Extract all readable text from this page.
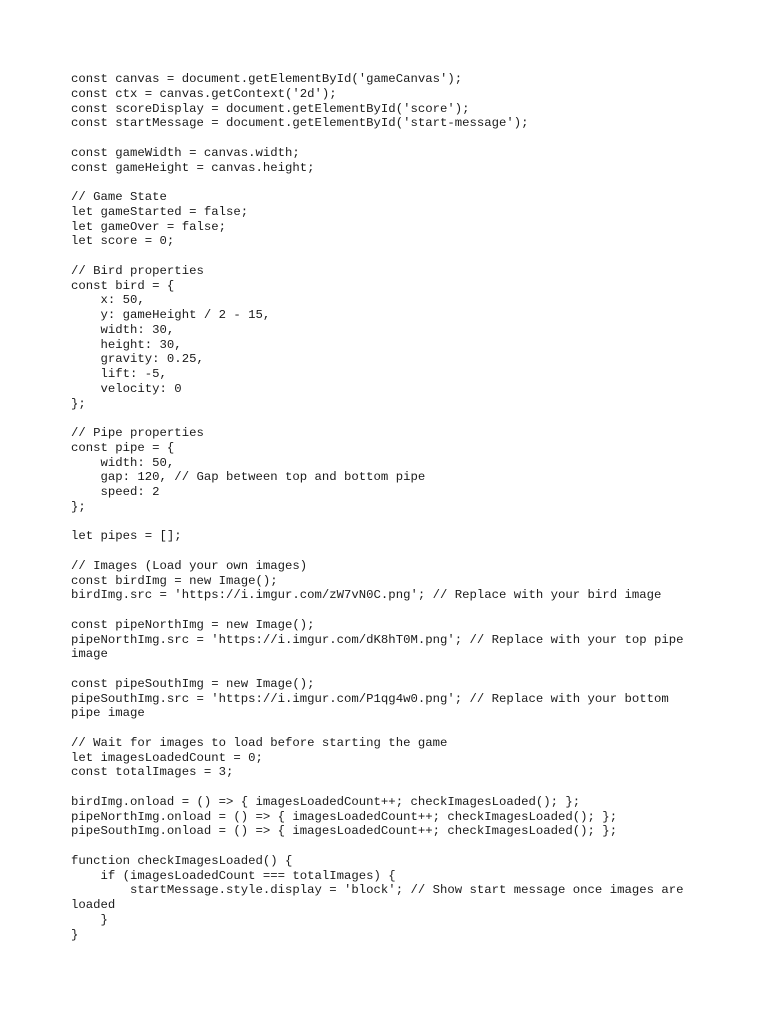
const canvas = document.getElementById('gameCanvas');
const ctx = canvas.getContext('2d');
const scoreDisplay = document.getElementById('score');
const startMessage = document.getElementById('start-message');
const gameWidth = canvas.width;
const gameHeight = canvas.height;
// Game State
let gameStarted = false;
let gameOver = false;
let score = 0;
// Bird properties
const bird = {
x: 50,
y: gameHeight / 2 - 15,
width: 30,
height: 30,
gravity: 0.25,
lift: -5,
velocity: 0
};
// Pipe properties
const pipe = {
width: 50,
gap: 120, // Gap between top and bottom pipe
speed: 2
};
let pipes = [];
// Images (Load your own images)
const birdImg = new Image();
birdImg.src = 'https://i.imgur.com/zW7vN0C.png'; // Replace with your bird image
const pipeNorthImg = new Image();
pipeNorthImg.src = 'https://i.imgur.com/dK8hT0M.png'; // Replace with your top pipe
image
const pipeSouthImg = new Image();
pipeSouthImg.src = 'https://i.imgur.com/P1qg4w0.png'; // Replace with your bottom
pipe image
// Wait for images to load before starting the game
let imagesLoadedCount = 0;
const totalImages = 3;
birdImg.onload = () => { imagesLoadedCount++; checkImagesLoaded(); };
pipeNorthImg.onload = () => { imagesLoadedCount++; checkImagesLoaded(); };
pipeSouthImg.onload = () => { imagesLoadedCount++; checkImagesLoaded(); };
function checkImagesLoaded() {
if (imagesLoadedCount === totalImages) {
startMessage.style.display = 'block'; // Show start message once images are
loaded
}
}
